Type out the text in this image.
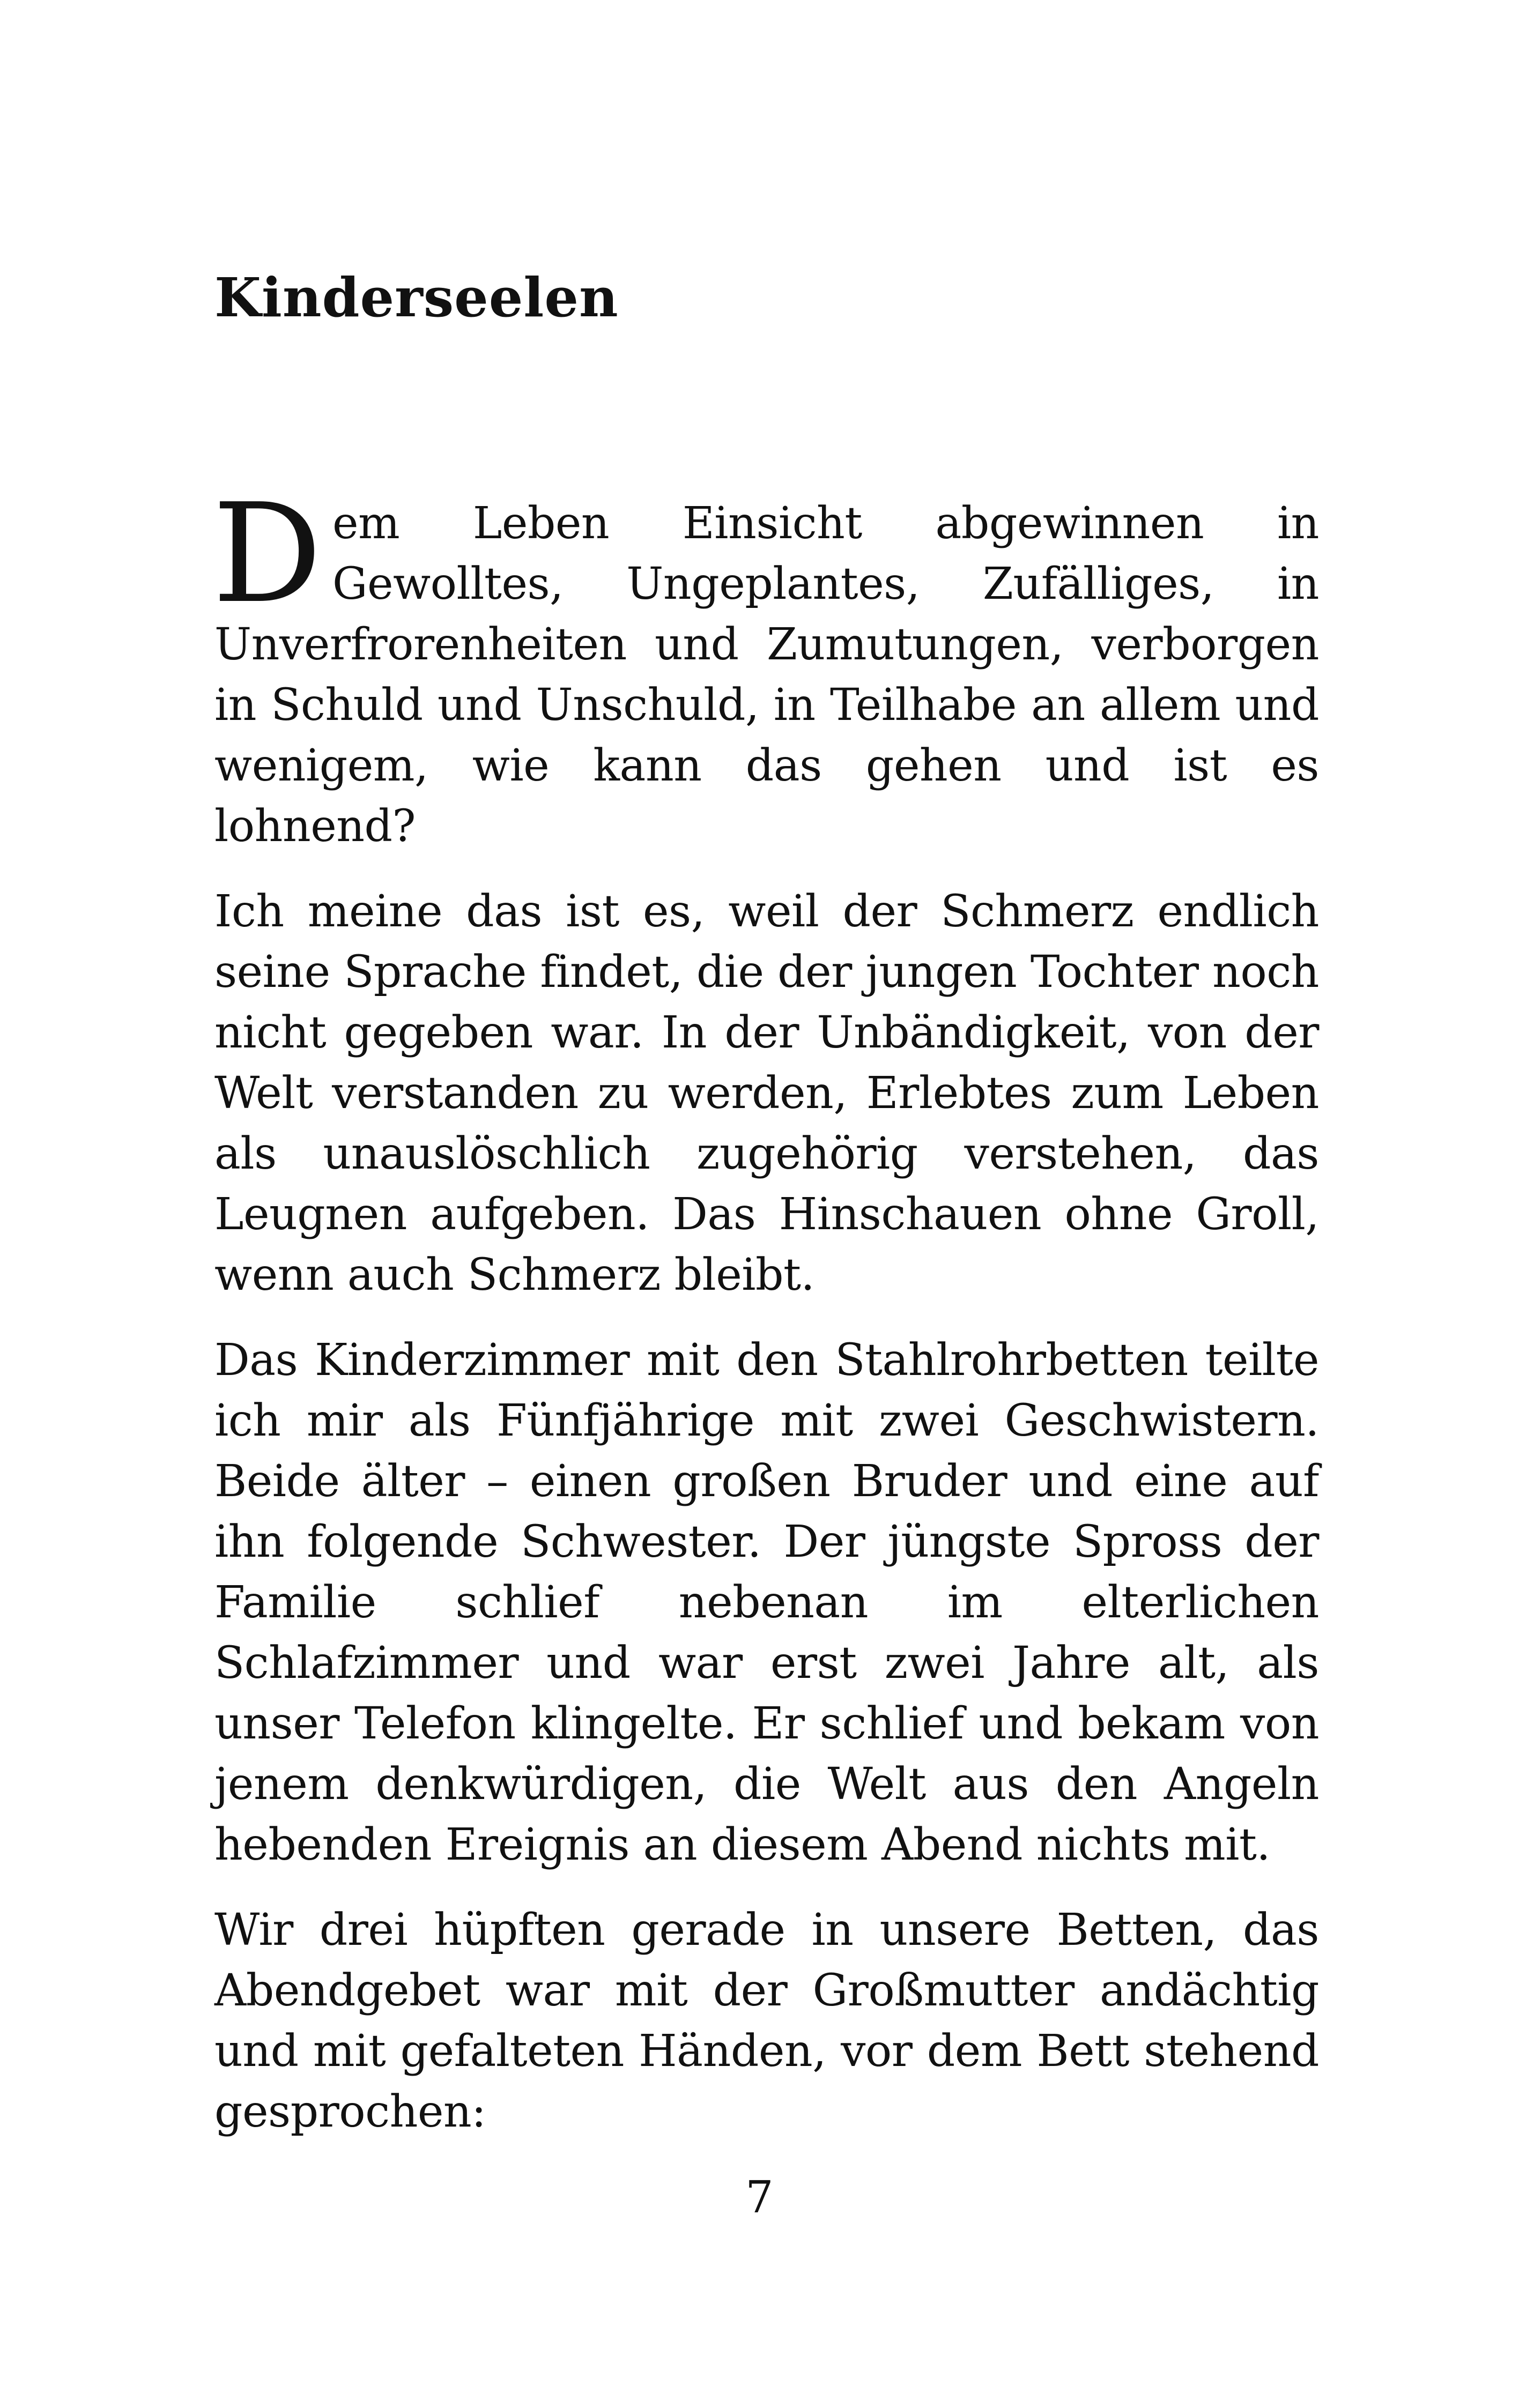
Kinderseelen

Dem Leben Einsicht abgewinnen in Gewolltes, Ungeplantes, Zufälliges, in Unverfrorenheiten und Zumutungen, verborgen in Schuld und Unschuld, in Teilhabe an allem und wenigem, wie kann das gehen und ist es lohnend?

Ich meine das ist es, weil der Schmerz endlich seine Sprache findet, die der jungen Tochter noch nicht gegeben war. In der Unbändigkeit, von der Welt verstanden zu werden, Erlebtes zum Leben als unauslöschlich zugehörig verstehen, das Leugnen aufgeben. Das Hinschauen ohne Groll, wenn auch Schmerz bleibt.

Das Kinderzimmer mit den Stahlrohrbetten teilte ich mir als Fünfjährige mit zwei Geschwistern. Beide älter – einen großen Bruder und eine auf ihn folgende Schwester. Der jüngste Spross der Familie schlief nebenan im elterlichen Schlafzimmer und war erst zwei Jahre alt, als unser Telefon klingelte. Er schlief und bekam von jenem denkwürdigen, die Welt aus den Angeln hebenden Ereignis an diesem Abend nichts mit.

Wir drei hüpften gerade in unsere Betten, das Abendgebet war mit der Großmutter andächtig und mit gefalteten Händen, vor dem Bett stehend gesprochen:

7
